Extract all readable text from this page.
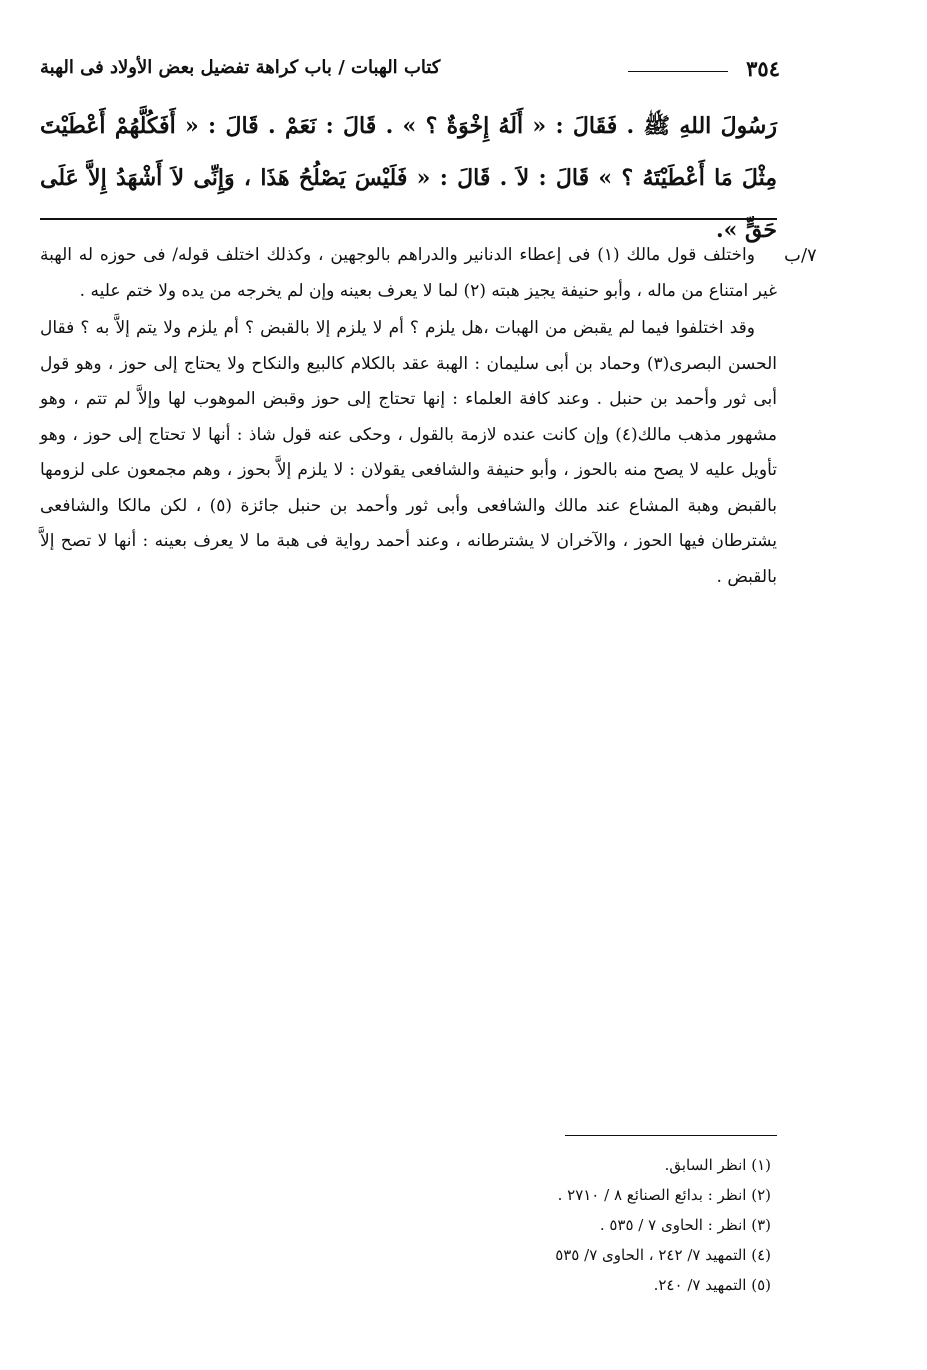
٣٥٤
كتاب الهبات / باب كراهة تفضيل بعض الأولاد فى الهبة
رَسُولَ اللهِ ﷺ . فَقَالَ : « أَلَهُ إِخْوَةٌ ؟ » . قَالَ : نَعَمْ . قَالَ : « أَفَكُلَّهُمْ أَعْطَيْتَ مِثْلَ مَا أَعْطَيْتَهُ ؟ » قَالَ : لاَ . قَالَ : « فَلَيْسَ يَصْلُحُ هَذَا ، وَإِنِّى لاَ أَشْهَدُ إِلاَّ عَلَى حَقٍّ ».
٧/ب

واختلف قول مالك (١) فى إعطاء الدنانير والدراهم بالوجهين ، وكذلك اختلف قوله/ فى حوزه له الهبة غير امتناع من ماله ، وأبو حنيفة يجيز هبته (٢) لما لا يعرف بعينه وإن لم يخرجه من يده ولا ختم عليه .

وقد اختلفوا فيما لم يقبض من الهبات ،هل يلزم ؟ أم لا يلزم إلا بالقبض ؟ أم يلزم ولا يتم إلاَّ به ؟ فقال الحسن البصرى(٣) وحماد بن أبى سليمان : الهبة عقد بالكلام كالبيع والنكاح ولا يحتاج إلى حوز ، وهو قول أبى ثور وأحمد بن حنبل . وعند كافة العلماء : إنها تحتاج إلى حوز وقبض الموهوب لها وإلاَّ لم تتم ، وهو مشهور مذهب مالك(٤) وإن كانت عنده لازمة بالقول ، وحكى عنه قول شاذ : أنها لا تحتاج إلى حوز ، وهو تأويل عليه لا يصح منه بالحوز ، وأبو حنيفة والشافعى يقولان : لا يلزم إلاَّ بحوز ، وهم مجمعون على لزومها بالقبض وهبة المشاع عند مالك والشافعى وأبى ثور وأحمد بن حنبل جائزة (٥) ، لكن مالكا والشافعى يشترطان فيها الحوز ، والآخران لا يشترطانه ، وعند أحمد رواية فى هبة ما لا يعرف بعينه : أنها لا تصح إلاَّ بالقبض .

(١) انظر السابق.
(٢) انظر : بدائع الصنائع ٨ / ٢٧١٠ .
(٣) انظر : الحاوى ٧ / ٥٣٥ .
(٤) التمهيد ٧/ ٢٤٢ ، الحاوى ٧/ ٥٣٥
(٥) التمهيد ٧/ ٢٤٠.
